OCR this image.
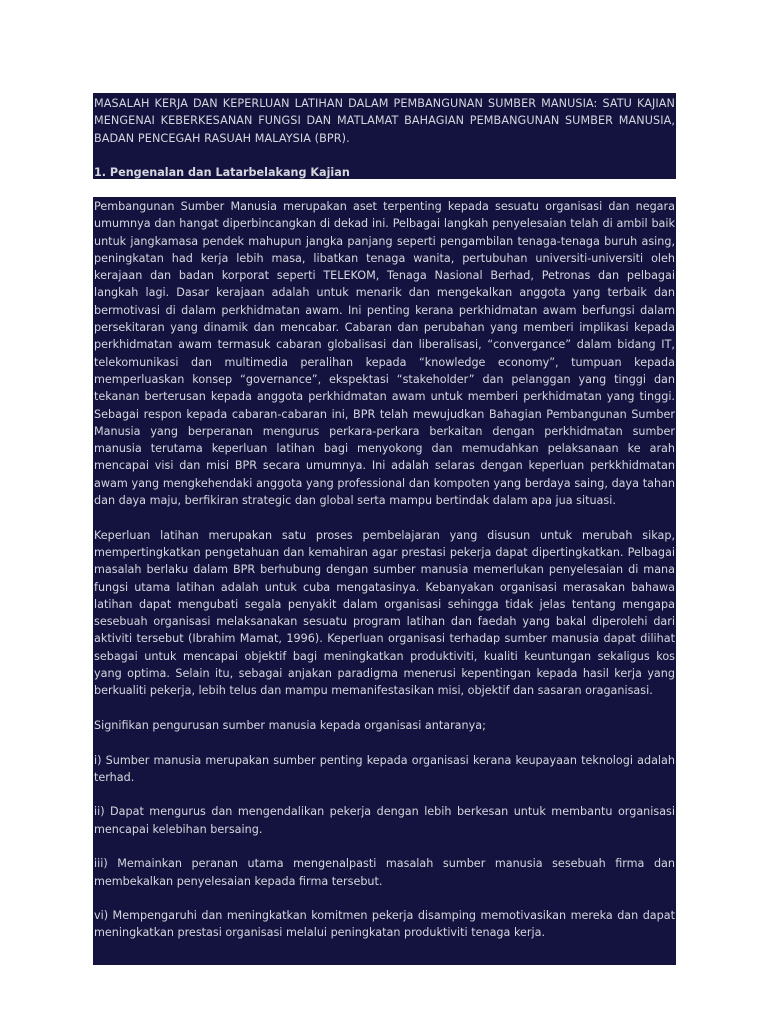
MASALAH KERJA DAN KEPERLUAN LATIHAN DALAM PEMBANGUNAN SUMBER MANUSIA: SATU KAJIAN MENGENAI KEBERKESANAN FUNGSI DAN MATLAMAT BAHAGIAN PEMBANGUNAN SUMBER MANUSIA, BADAN PENCEGAH RASUAH MALAYSIA (BPR).

1. Pengenalan dan Latarbelakang Kajian

Pembangunan Sumber Manusia merupakan aset terpenting kepada sesuatu organisasi dan negara umumnya dan hangat diperbincangkan di dekad ini. Pelbagai langkah penyelesaian telah di ambil baik untuk jangkamasa pendek mahupun jangka panjang seperti pengambilan tenaga-tenaga buruh asing, peningkatan had kerja lebih masa, libatkan tenaga wanita, pertubuhan universiti-universiti oleh kerajaan dan badan korporat seperti TELEKOM, Tenaga Nasional Berhad, Petronas dan pelbagai langkah lagi. Dasar kerajaan adalah untuk menarik dan mengekalkan anggota yang terbaik dan bermotivasi di dalam perkhidmatan awam. Ini penting kerana perkhidmatan awam berfungsi dalam persekitaran yang dinamik dan mencabar. Cabaran dan perubahan yang memberi implikasi kepada perkhidmatan awam termasuk cabaran globalisasi dan liberalisasi, “convergance” dalam bidang IT, telekomunikasi dan multimedia peralihan kepada “knowledge economy”, tumpuan kepada memperluaskan konsep “governance”, ekspektasi “stakeholder” dan pelanggan yang tinggi dan tekanan berterusan kepada anggota perkhidmatan awam untuk memberi perkhidmatan yang tinggi. Sebagai respon kepada cabaran-cabaran ini, BPR telah mewujudkan Bahagian Pembangunan Sumber Manusia yang berperanan mengurus perkara-perkara berkaitan dengan perkhidmatan sumber manusia terutama keperluan latihan bagi menyokong dan memudahkan pelaksanaan ke arah mencapai visi dan misi BPR secara umumnya. Ini adalah selaras dengan keperluan perkkhidmatan awam yang mengkehendaki anggota yang professional dan kompoten yang berdaya saing, daya tahan dan daya maju, berfikiran strategic dan global serta mampu bertindak dalam apa jua situasi.

Keperluan latihan merupakan satu proses pembelajaran yang disusun untuk merubah sikap, mempertingkatkan pengetahuan dan kemahiran agar prestasi pekerja dapat dipertingkatkan. Pelbagai masalah berlaku dalam BPR berhubung dengan sumber manusia memerlukan penyelesaian di mana fungsi utama latihan adalah untuk cuba mengatasinya. Kebanyakan organisasi merasakan bahawa latihan dapat mengubati segala penyakit dalam organisasi sehingga tidak jelas tentang mengapa sesebuah organisasi melaksanakan sesuatu program latihan dan faedah yang bakal diperolehi dari aktiviti tersebut (Ibrahim Mamat, 1996). Keperluan organisasi terhadap sumber manusia dapat dilihat sebagai untuk mencapai objektif bagi meningkatkan produktiviti, kualiti keuntungan sekaligus kos yang optima. Selain itu, sebagai anjakan paradigma menerusi kepentingan kepada hasil kerja yang berkualiti pekerja, lebih telus dan mampu memanifestasikan misi, objektif dan sasaran oraganisasi.

Signifikan pengurusan sumber manusia kepada organisasi antaranya;

i) Sumber manusia merupakan sumber penting kepada organisasi kerana keupayaan teknologi adalah terhad.

ii) Dapat mengurus dan mengendalikan pekerja dengan lebih berkesan untuk membantu organisasi mencapai kelebihan bersaing.

iii) Memainkan peranan utama mengenalpasti masalah sumber manusia sesebuah firma dan membekalkan penyelesaian kepada firma tersebut.

vi) Mempengaruhi dan meningkatkan komitmen pekerja disamping memotivasikan mereka dan dapat meningkatkan prestasi organisasi melalui peningkatan produktiviti tenaga kerja.
